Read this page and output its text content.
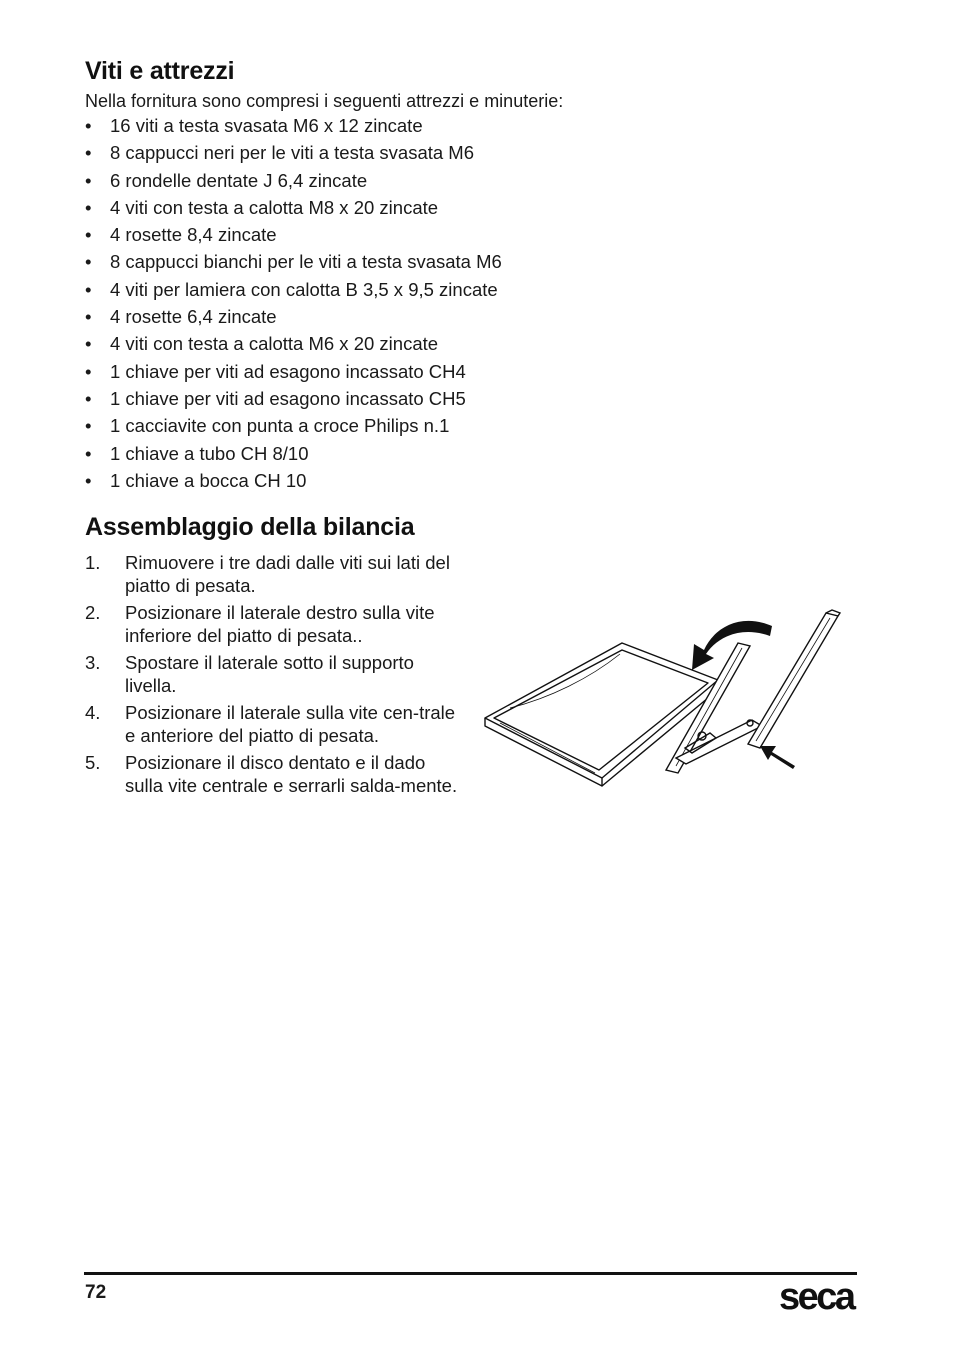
Viti e attrezzi

Nella fornitura sono compresi i seguenti attrezzi e minuterie:

• 16 viti a testa svasata M6 x 12 zincate
• 8 cappucci neri per le viti a testa svasata M6
• 6 rondelle dentate J 6,4 zincate
• 4 viti con testa a calotta M8 x 20 zincate
• 4 rosette 8,4 zincate
• 8 cappucci bianchi per le viti a testa svasata M6
• 4 viti per lamiera con calotta B 3,5 x 9,5 zincate
• 4 rosette 6,4 zincate
• 4 viti con testa a calotta M6 x 20 zincate
• 1 chiave per viti ad esagono incassato CH4
• 1 chiave per viti ad esagono incassato CH5
• 1 cacciavite con punta a croce Philips n.1
• 1 chiave a tubo CH 8/10
• 1 chiave a bocca CH 10
Assemblaggio della bilancia
1. Rimuovere i tre dadi dalle viti sui lati del piatto di pesata.
2. Posizionare il laterale destro sulla vite inferiore del piatto di pesata..
3. Spostare il laterale sotto il supporto livella.
4. Posizionare il laterale sulla vite cen-trale e anteriore del piatto di pesata.
5. Posizionare il disco dentato e il dado sulla vite centrale e serrarli salda-mente.
72	seca
